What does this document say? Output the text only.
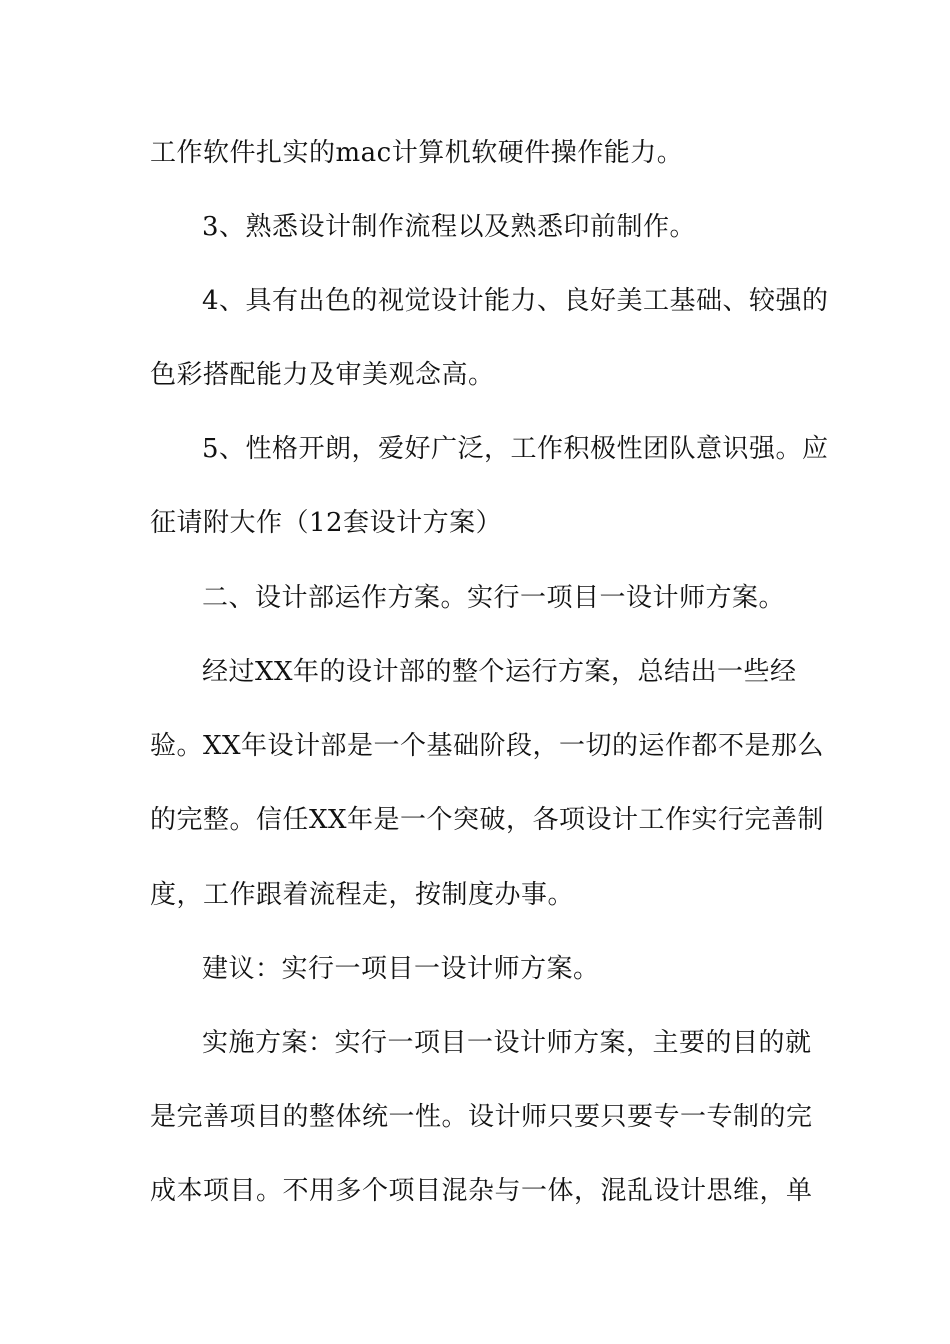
工作软件扎实的mac计算机软硬件操作能力。
3、熟悉设计制作流程以及熟悉印前制作。
4、具有出色的视觉设计能力、良好美工基础、较强的
色彩搭配能力及审美观念高。
5、性格开朗，爱好广泛，工作积极性团队意识强。应
征请附大作（12套设计方案）
二、设计部运作方案。实行一项目一设计师方案。
经过XX年的设计部的整个运行方案，总结出一些经
验。XX年设计部是一个基础阶段，一切的运作都不是那么
的完整。信任XX年是一个突破，各项设计工作实行完善制
度，工作跟着流程走，按制度办事。
建议：实行一项目一设计师方案。
实施方案：实行一项目一设计师方案，主要的目的就
是完善项目的整体统一性。设计师只要只要专一专制的完
成本项目。不用多个项目混杂与一体，混乱设计思维，单
